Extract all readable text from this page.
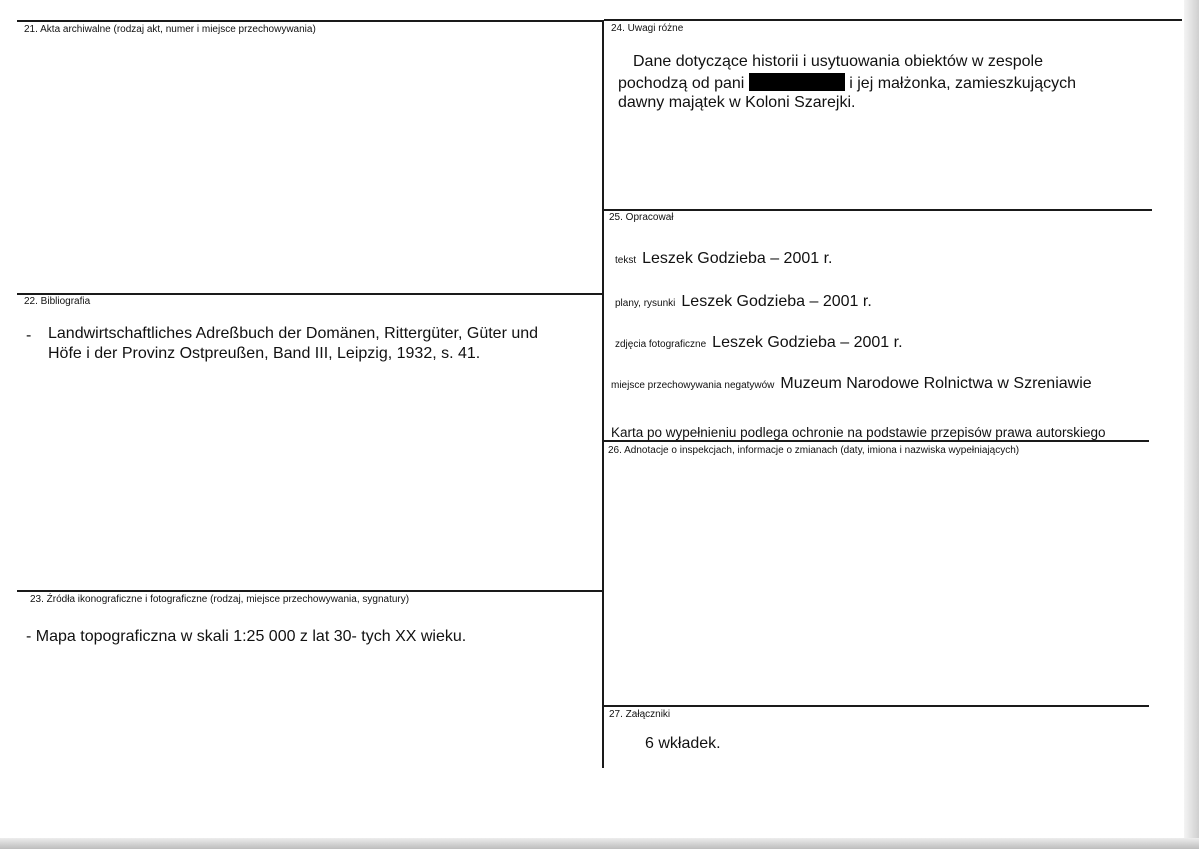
21. Akta archiwalne (rodzaj akt, numer i miejsce przechowywania)
22. Bibliografia
- Landwirtschaftliches Adreßbuch der Domänen, Rittergüter, Güter und
Höfe i der Provinz Ostpreußen, Band III, Leipzig, 1932, s. 41.
23. Źródła ikonograficzne i fotograficzne (rodzaj, miejsce przechowywania, sygnatury)
- Mapa topograficzna w skali 1:25 000 z lat 30- tych XX wieku.
24. Uwagi różne
Dane dotyczące historii i usytuowania obiektów w zespole
pochodzą od pani	i jej małżonka, zamieszkujących
dawny majątek w Koloni Szarejki.
25. Opracował
tekst Leszek Godzieba – 2001 r.
plany, rysunki Leszek Godzieba – 2001 r.
zdjęcia fotograficzne Leszek Godzieba – 2001 r.
miejsce przechowywania negatywów Muzeum Narodowe Rolnictwa w Szreniawie
Karta po wypełnieniu podlega ochronie na podstawie przepisów prawa autorskiego
26. Adnotacje o inspekcjach, informacje o zmianach (daty, imiona i nazwiska wypełniających)
27. Załączniki
6 wkładek.
